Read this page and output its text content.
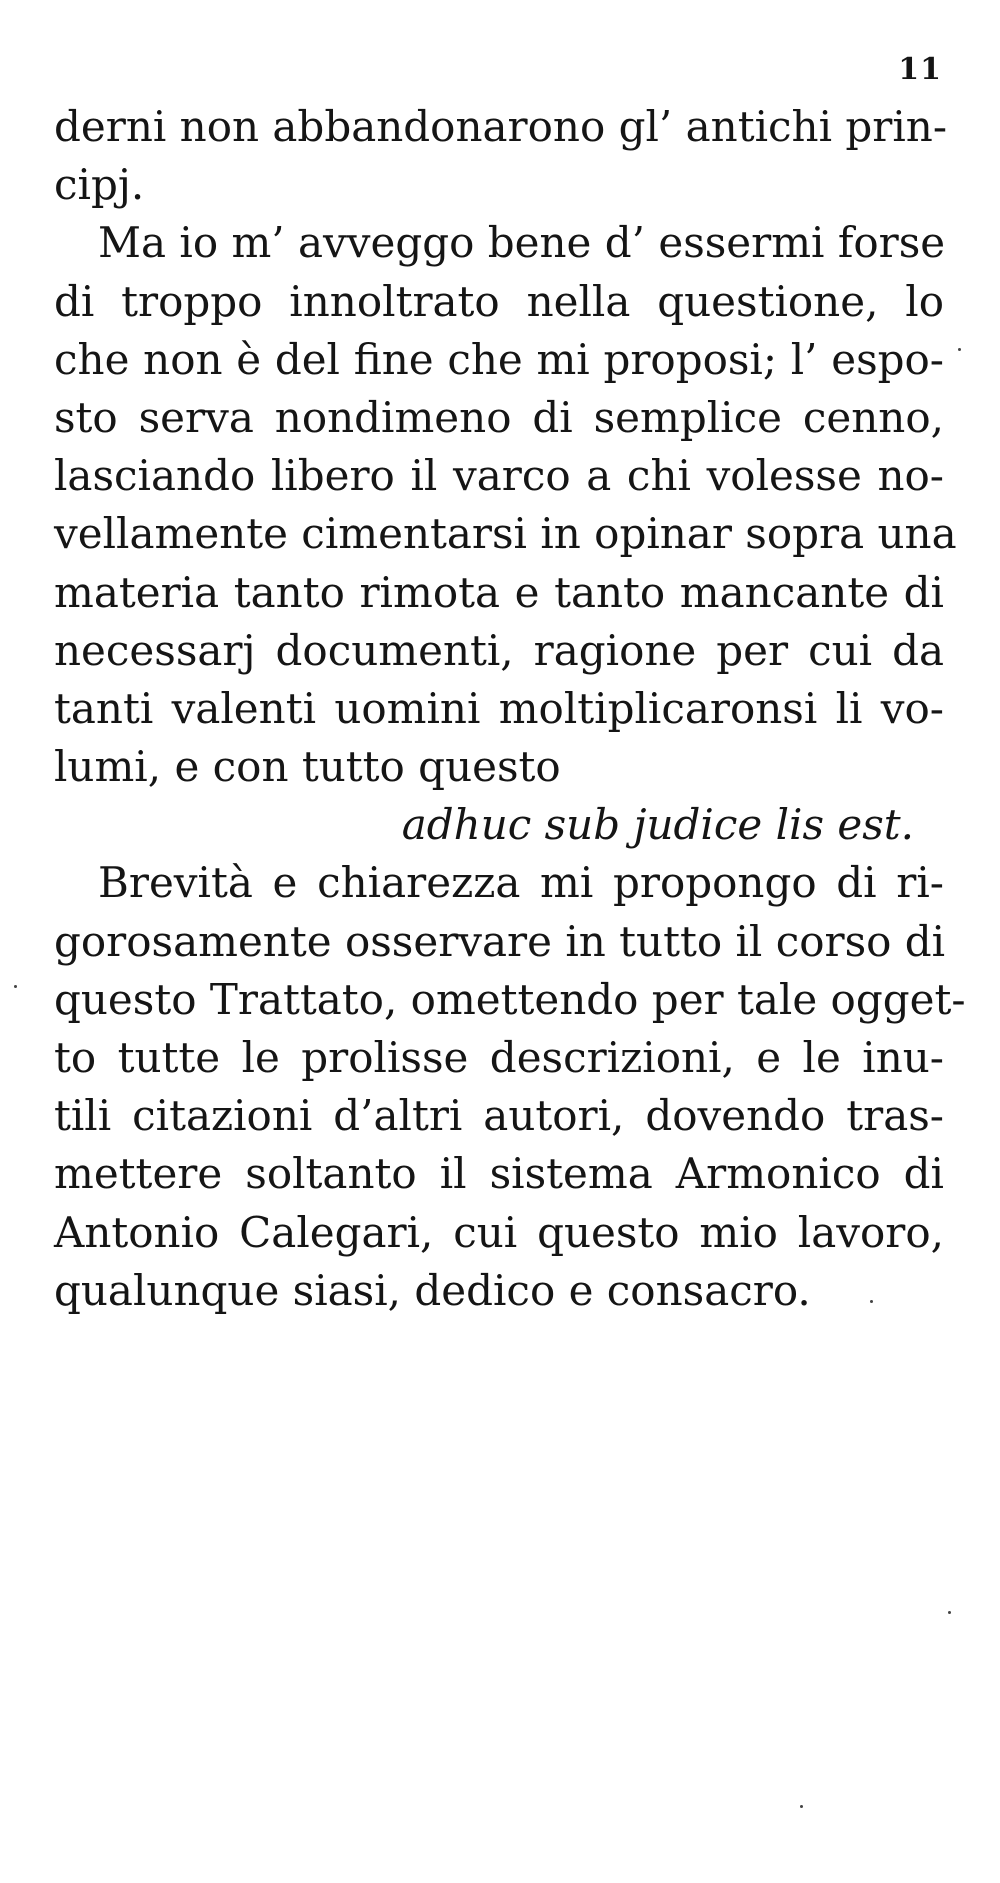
11
derni non abbandonarono gl’ antichi prin-
cipj.
Ma io m’ avveggo bene d’ essermi forse
di troppo innoltrato nella questione, lo
che non è del fine che mi proposi; l’ espo-
sto serva nondimeno di semplice cenno,
lasciando libero il varco a chi volesse no-
vellamente cimentarsi in opinar sopra una
materia tanto rimota e tanto mancante di
necessarj documenti, ragione per cui da
tanti valenti uomini moltiplicaronsi li vo-
lumi, e con tutto questo
adhuc sub judice lis est.
Brevità e chiarezza mi propongo di ri-
gorosamente osservare in tutto il corso di
questo Trattato, omettendo per tale ogget-
to tutte le prolisse descrizioni, e le inu-
tili citazioni d’altri autori, dovendo tras-
mettere soltanto il sistema Armonico di
Antonio Calegari, cui questo mio lavoro,
qualunque siasi, dedico e consacro.
